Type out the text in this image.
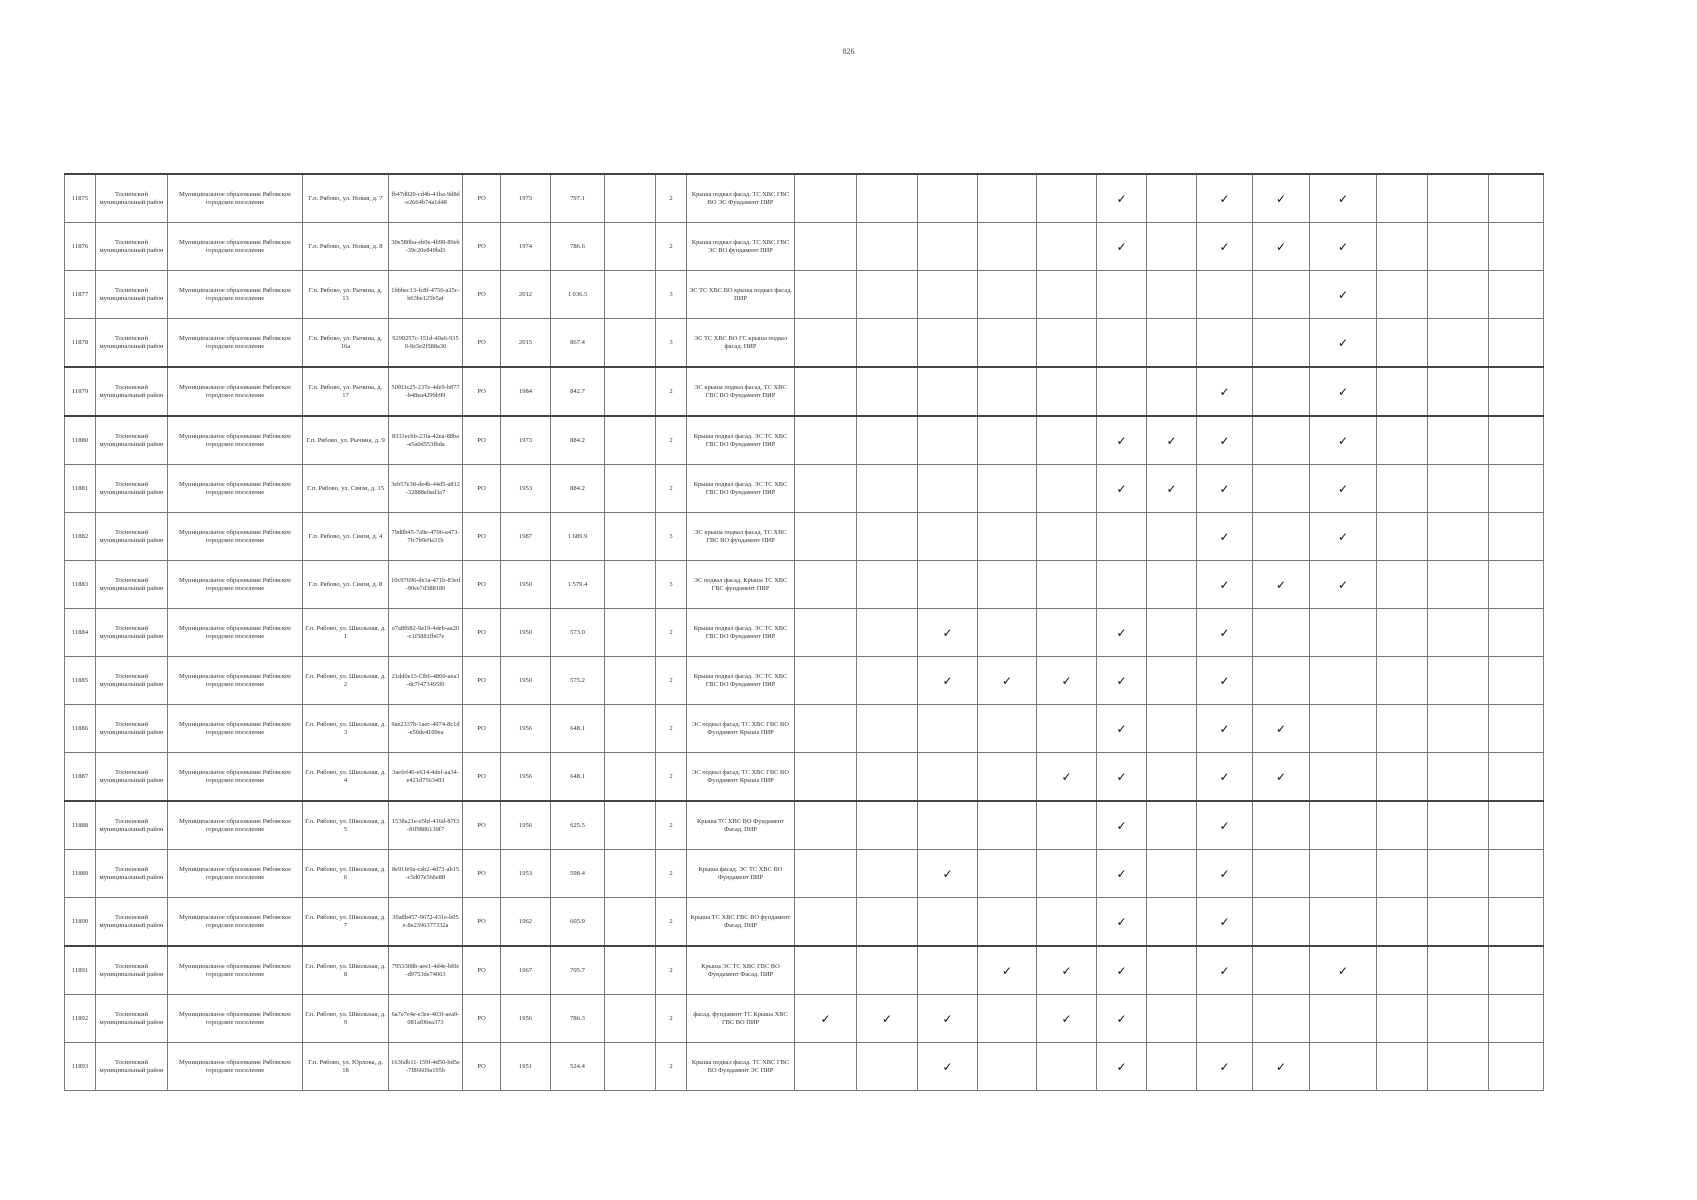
826
11875	Тосненский муниципальный район	Муниципальное образование Рябовское городское поселение	Г.п. Рябово, ул. Новая, д. 7	fb47d020-cd4b-41ba-9d8d-e2664b74a1d48	РО	1973	797.1		2	Крыша подвал фасад. ТС ХВС ГВС ВО ЭС Фундамент ПИР						✓		✓	✓	✓			
11876	Тосненский муниципальный район	Муниципальное образование Рябовское городское поселение	Г.п. Рябово, ул. Новая, д. 8	30e580ba-eb0e-4b98-89eb-39c20e849bd3	РО	1974	786.6		2	Крыша подвал фасад. ТС ХВС ГВС ЭС ВО фундамент ПИР						✓		✓	✓	✓			
11877	Тосненский муниципальный район	Муниципальное образование Рябовское городское поселение	Г.п. Рябово, ул. Рычина, д. 13	1bbbec13-fc8f-4756-a25c-b63be125b5af	РО	2012	1 036.5		3	ЭС ТС ХВС ВО крыша подвал фасад. ПИР										✓			
11878	Тосненский муниципальный район	Муниципальное образование Рябовское городское поселение	Г.п. Рябово, ул. Рычина, д. 16а	9299257c-151d-49a6-9350-8e5e2f588a30	РО	2015	867.4		3	ЭС ТС ХВС ВО ГС крыша подвал фасад. ПИР										✓			
11879	Тосненский муниципальный район	Муниципальное образование Рябовское городское поселение	Г.п. Рябово, ул. Рычина, д. 17	50f03c25-237e-4de9-b877-b48ea4299b99	РО	1984	842.7		2	ЭС крыша подвал фасад. ТС ХВС ГВС ВО Фундамент ПИР								✓		✓			
11880	Тосненский муниципальный район	Муниципальное образование Рябовское городское поселение	Г.п. Рябово, ул. Рычина, д. 9	8331ecbb-23fa-42ea-88ba-e5a0d553fbda	РО	1973	884.2		2	Крыша подвал фасад. ЭС ТС ХВС ГВС ВО Фундамент ПИР						✓	✓	✓		✓			
11881	Тосненский муниципальный район	Муниципальное образование Рябовское городское поселение	Г.п. Рябово, ул. Связи, д. 15	3eb57e38-de4b-44d5-a812-32888e0ad3a7	РО	1953	884.2		2	Крыша подвал фасад. ЭС ТС ХВС ГВС ВО Фундамент ПИР						✓	✓	✓		✓			
11882	Тосненский муниципальный район	Муниципальное образование Рябовское городское поселение	Г.п. Рябово, ул. Связи, д. 4	79d8b45-7a9e-4706-a473-7fc7b9e9a31b	РО	1987	1 689.9		3	ЭС крыша подвал фасад. ТС ХВС ГВС ВО фундамент ПИР								✓		✓			
11883	Тосненский муниципальный район	Муниципальное образование Рябовское городское поселение	Г.п. Рябово, ул. Связи, д. 8	10c97696-de3a-471b-83ed-90ee7d388180	РО	1950	1 579.4		3	ЭС подвал фасад. Крыша ТС ХВС ГВС фундамент ПИР								✓	✓	✓			
11884	Тосненский муниципальный район	Муниципальное образование Рябовское городское поселение	Г.п. Рябово, ул. Школьная, д. 1	e7a8f682-9a19-4deb-aa20-c1f5881fb67e	РО	1950	573.0		2	Крыша подвал фасад. ЭС ТС ХВС ГВС ВО Фундамент ПИР			✓			✓		✓					
11885	Тосненский муниципальный район	Муниципальное образование Рябовское городское поселение	Г.п. Рябово, ул. Школьная, д. 2	21dd0e13-f3b6-4860-aea3-dc7f473495f0	РО	1950	575.2		2	Крыша подвал фасад. ЭС ТС ХВС ГВС ВО Фундамент ПИР			✓	✓	✓	✓		✓					
11886	Тосненский муниципальный район	Муниципальное образование Рябовское городское поселение	Г.п. Рябово, ул. Школьная, д. 3	9ae2337b-1aec-4974-8c1d-e50de4109ea	РО	1956	648.1		2	ЭС подвал фасад. ТС ХВС ГВС ВО Фундамент Крыша ПИР						✓		✓	✓				
11887	Тосненский муниципальный район	Муниципальное образование Рябовское городское поселение	Г.п. Рябово, ул. Школьная, д. 4	3aefef40-e614-4def-aa34-e421d7563493	РО	1956	648.1		2	ЭС подвал фасад. ТС ХВС ГВС ВО Фундамент Крыша ПИР					✓	✓		✓	✓				
11888	Тосненский муниципальный район	Муниципальное образование Рябовское городское поселение	Г.п. Рябово, ул. Школьная, д. 5	1538a21e-e5bf-416d-87f3-f0f9886139f7	РО	1956	625.5		2	Крыша ТС ХВС ВО Фундамент Фасад. ПИР						✓		✓					
11889	Тосненский муниципальный район	Муниципальное образование Рябовское городское поселение	Г.п. Рябово, ул. Школьная, д. 6	8e91fe9a-cab2-4d73-ab15-c5d07e566e88	РО	1953	598.4		2	Крыша фасад. ЭС ТС ХВС ВО Фундамент ПИР			✓			✓		✓					
11890	Тосненский муниципальный район	Муниципальное образование Рябовское городское поселение	Г.п. Рябово, ул. Школьная, д. 7	30a8b457-9672-431e-b05e-8e2396377332a	РО	1962	605.9		2	Крыша ТС ХВС ГВС ВО фундамент Фасад. ПИР						✓		✓					
11891	Тосненский муниципальный район	Муниципальное образование Рябовское городское поселение	Г.п. Рябово, ул. Школьная, д. 8	7953308b-aee1-4d4e-bf0e-d9753de74063	РО	1967	705.7		2	Крыша ЭС ТС ХВС ГВС ВО Фундамент Фасад. ПИР				✓	✓	✓		✓		✓			
11892	Тосненский муниципальный район	Муниципальное образование Рябовское городское поселение	Г.п. Рябово, ул. Школьная, д. 9	6a7e7e4e-e3ee-403f-aea9-081af06ea373	РО	1956	786.3		2	фасад. фундамент ТС Крыша ХВС ГВС ВО ПИР	✓	✓	✓		✓	✓							
11893	Тосненский муниципальный район	Муниципальное образование Рябовское городское поселение	Г.п. Рябово, ул. Юрлова, д. 18	1636db11-159f-4d50-bd5e-7f86609a195b	РО	1951	524.4		2	Крыша подвал фасад. ТС ХВС ГВС ВО Фундамент ЭС ПИР			✓			✓		✓	✓				
